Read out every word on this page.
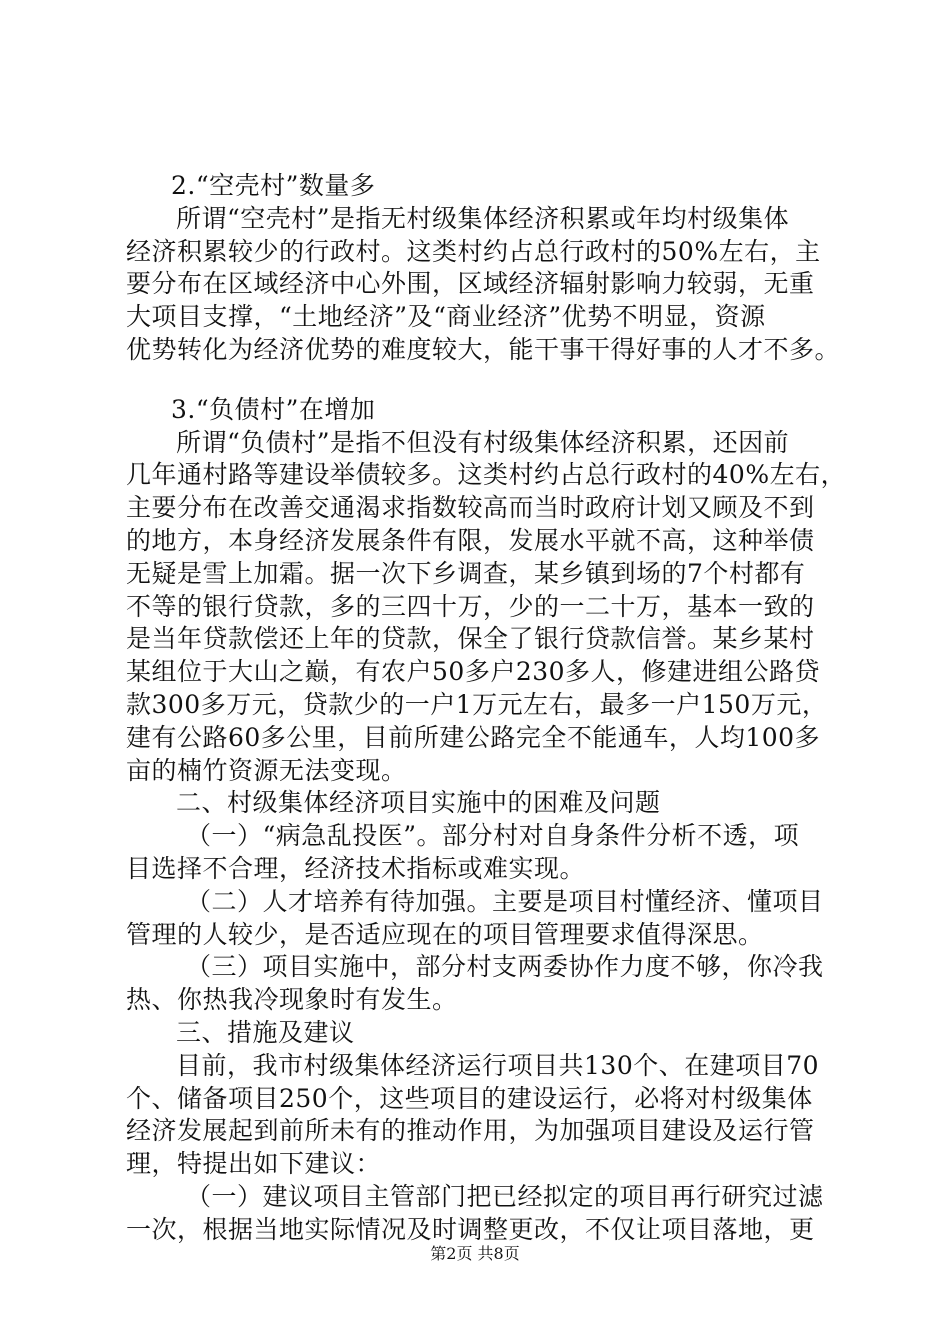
2.“空壳村”数量多
所谓“空壳村”是指无村级集体经济积累或年均村级集体
经济积累较少的行政村。这类村约占总行政村的50%左右，主
要分布在区域经济中心外围，区域经济辐射影响力较弱，无重
大项目支撑，“土地经济”及“商业经济”优势不明显，资源
优势转化为经济优势的难度较大，能干事干得好事的人才不多。
3.“负债村”在增加
所谓“负债村”是指不但没有村级集体经济积累，还因前
几年通村路等建设举债较多。这类村约占总行政村的40%左右，
主要分布在改善交通渴求指数较高而当时政府计划又顾及不到
的地方，本身经济发展条件有限，发展水平就不高，这种举债
无疑是雪上加霜。据一次下乡调查，某乡镇到场的7个村都有
不等的银行贷款，多的三四十万，少的一二十万，基本一致的
是当年贷款偿还上年的贷款，保全了银行贷款信誉。某乡某村
某组位于大山之巅，有农户50多户230多人，修建进组公路贷
款300多万元，贷款少的一户1万元左右，最多一户150万元，
建有公路60多公里，目前所建公路完全不能通车，人均100多
亩的楠竹资源无法变现。
二、村级集体经济项目实施中的困难及问题
（一）“病急乱投医”。部分村对自身条件分析不透，项
目选择不合理，经济技术指标或难实现。
（二）人才培养有待加强。主要是项目村懂经济、懂项目
管理的人较少，是否适应现在的项目管理要求值得深思。
（三）项目实施中，部分村支两委协作力度不够，你冷我
热、你热我冷现象时有发生。
三、措施及建议
目前，我市村级集体经济运行项目共130个、在建项目70
个、储备项目250个，这些项目的建设运行，必将对村级集体
经济发展起到前所未有的推动作用，为加强项目建设及运行管
理，特提出如下建议：
（一）建议项目主管部门把已经拟定的项目再行研究过滤
一次，根据当地实际情况及时调整更改，不仅让项目落地，更
第2页 共8页
